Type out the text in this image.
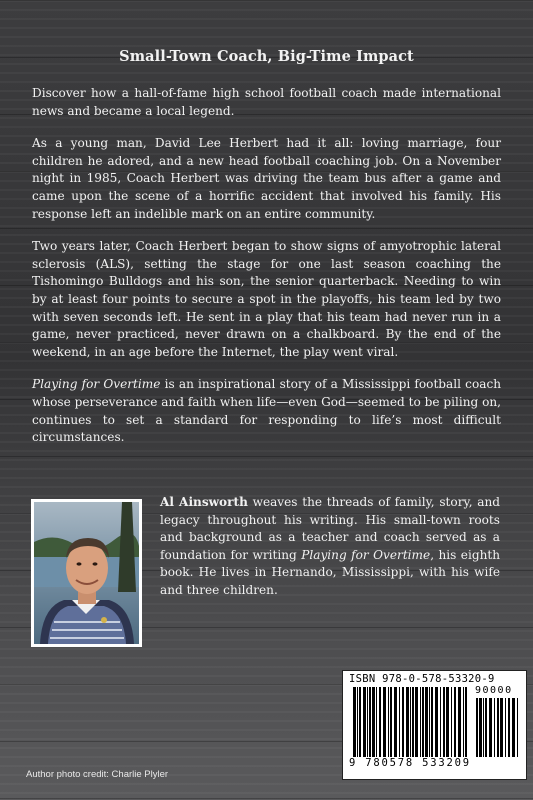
Small-Town Coach, Big-Time Impact

Discover how a hall-of-fame high school football coach made international news and became a local legend.

As a young man, David Lee Herbert had it all: loving marriage, four children he adored, and a new head football coaching job. On a November night in 1985, Coach Herbert was driving the team bus after a game and came upon the scene of a horrific accident that involved his family. His response left an indelible mark on an entire community.

Two years later, Coach Herbert began to show signs of amyotrophic lateral sclerosis (ALS), setting the stage for one last season coaching the Tishomingo Bulldogs and his son, the senior quarterback. Needing to win by at least four points to secure a spot in the playoffs, his team led by two with seven seconds left. He sent in a play that his team had never run in a game, never practiced, never drawn on a chalkboard. By the end of the weekend, in an age before the Internet, the play went viral.

Playing for Overtime is an inspirational story of a Mississippi football coach whose perseverance and faith when life—even God—seemed to be piling on, continues to set a standard for responding to life’s most difficult circumstances.

Al Ainsworth weaves the threads of family, story, and legacy throughout his writing. His small-town roots and background as a teacher and coach served as a foundation for writing Playing for Overtime, his eighth book. He lives in Hernando, Mississippi, with his wife and three children.
ISBN 978-0-578-53320-9
90000
9 780578 533209
Author photo credit: Charlie Plyler
